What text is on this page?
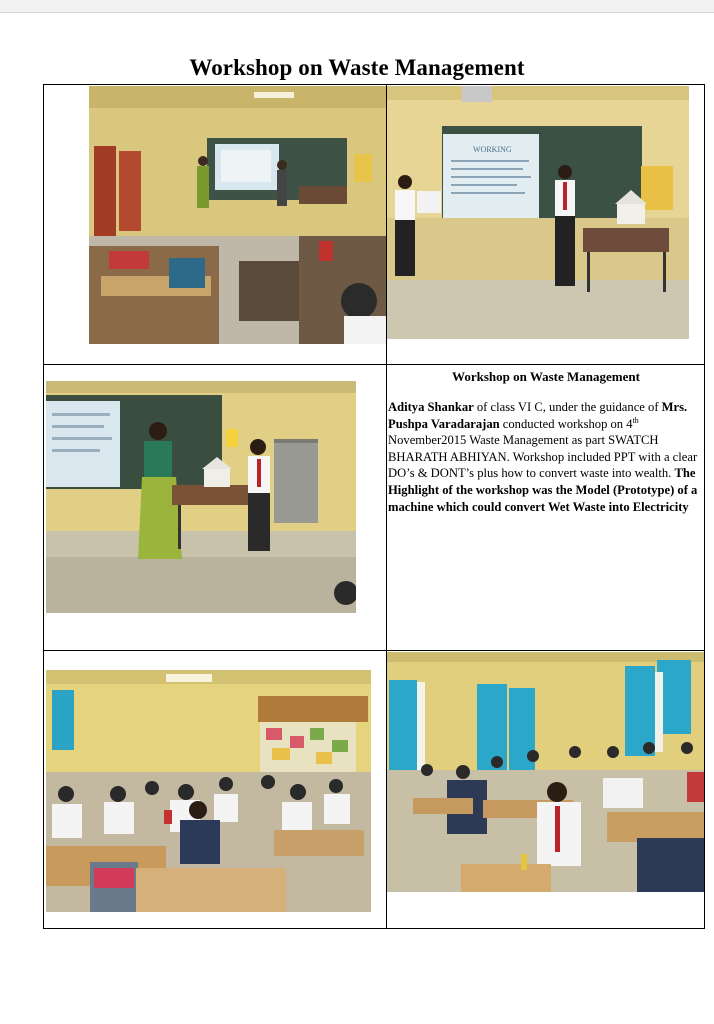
Workshop on Waste Management
WORKING
Workshop on Waste Management
Aditya Shankar of class VI C, under the guidance of Mrs. Pushpa Varadarajan conducted workshop on 4th November2015 Waste Management as part SWATCH BHARATH ABHIYAN. Workshop included PPT with a clear DO’s & DONT’s plus how to convert waste into wealth. The Highlight of the workshop was the Model (Prototype) of a machine which could convert Wet Waste into Electricity
